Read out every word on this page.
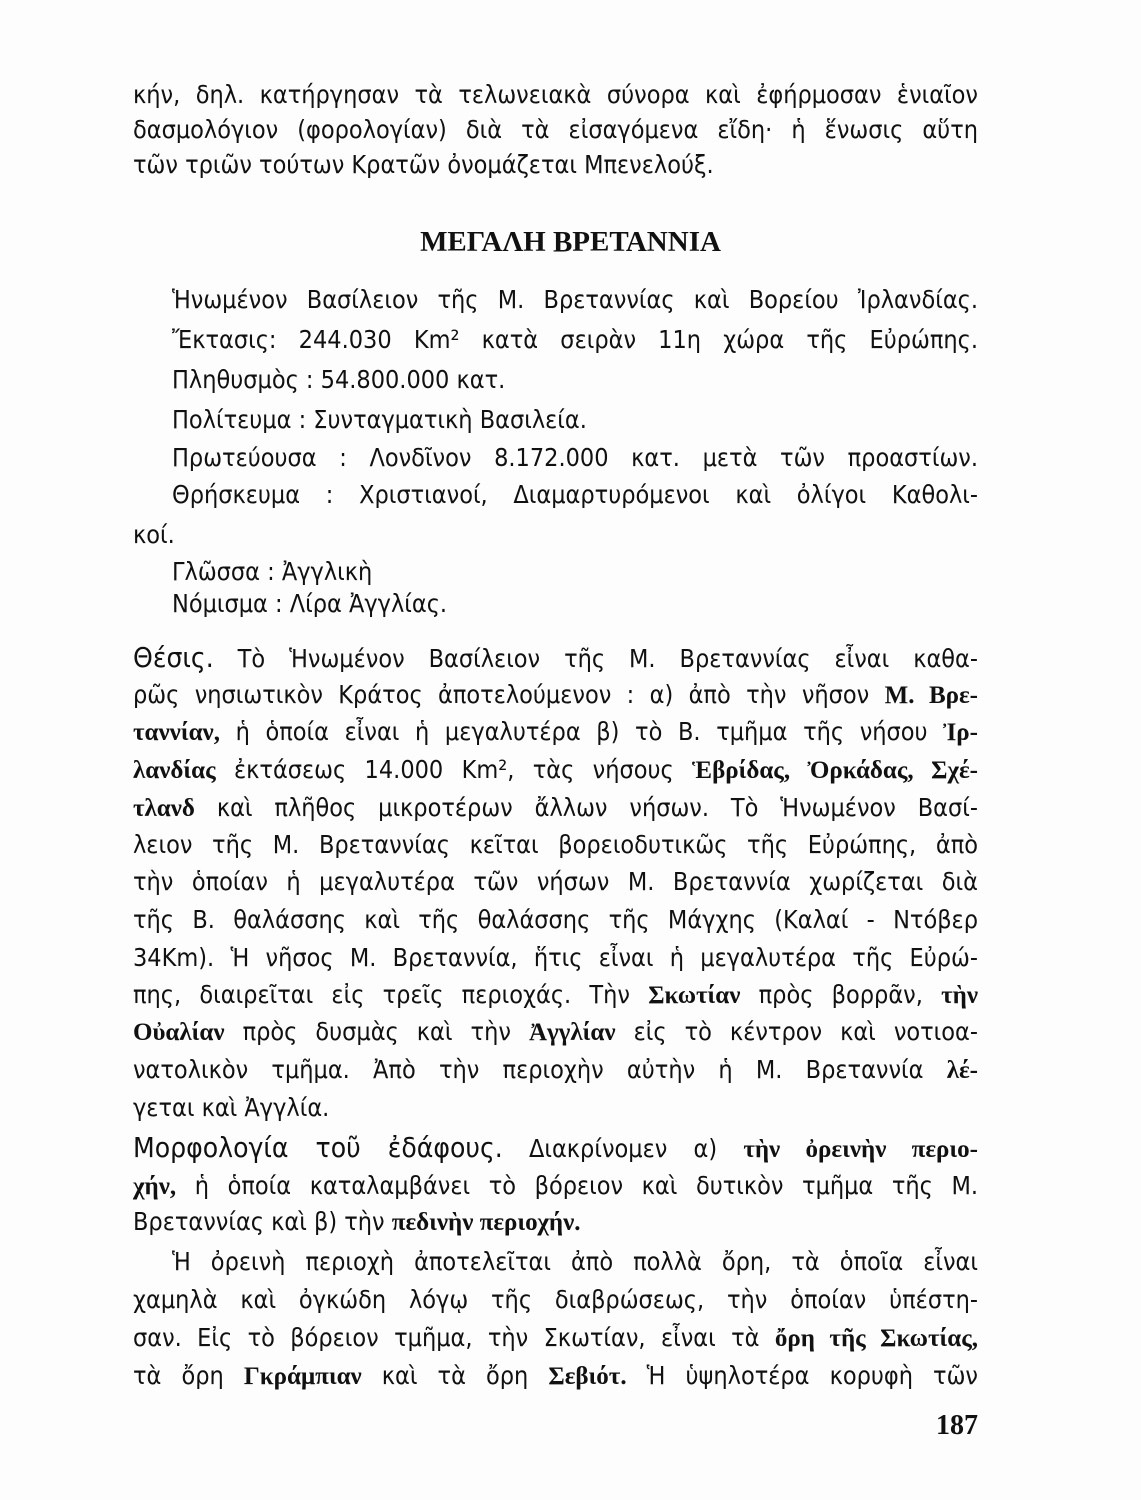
ΜΕΓΑΛΗ ΒΡΕΤΑΝΝΙΑ
κήν, δηλ. κατήργησαν τὰ τελωνειακὰ σύνορα καὶ ἐφήρμοσαν ἑνιαῖον
δασμολόγιον (φορολογίαν) διὰ τὰ εἰσαγόμενα εἴδη· ἡ ἕνωσις αὕτη
τῶν τριῶν τούτων Κρατῶν ὀνομάζεται Μπενελούξ.
Ἡνωμένον Βασίλειον τῆς Μ. Βρεταννίας καὶ Βορείου Ἰρλανδίας.
Ἔκτασις: 244.030 Km² κατὰ σειρὰν 11η χώρα τῆς Εὐρώπης.
Πληθυσμὸς : 54.800.000 κατ.
Πολίτευμα : Συνταγματικὴ Βασιλεία.
Πρωτεύουσα : Λονδῖνον 8.172.000 κατ. μετὰ τῶν προαστίων.
Θρήσκευμα : Χριστιανοί, Διαμαρτυρόμενοι καὶ ὀλίγοι Καθολι-
κοί.
Γλῶσσα : Ἀγγλικὴ
Νόμισμα : Λίρα Ἀγγλίας.
Θέσις. Τὸ Ἡνωμένον Βασίλειον τῆς Μ. Βρεταννίας εἶναι καθα-
ρῶς νησιωτικὸν Κράτος ἀποτελούμενον : α) ἀπὸ τὴν νῆσον Μ. Βρε-
ταννίαν, ἡ ὁποία εἶναι ἡ μεγαλυτέρα β) τὸ Β. τμῆμα τῆς νήσου Ἰρ-
λανδίας ἐκτάσεως 14.000 Km², τὰς νήσους Ἑβρίδας, Ὀρκάδας, Σχέ-
τλανδ καὶ πλῆθος μικροτέρων ἄλλων νήσων. Τὸ Ἡνωμένον Βασί-
λειον τῆς Μ. Βρεταννίας κεῖται βορειοδυτικῶς τῆς Εὐρώπης, ἀπὸ
τὴν ὁποίαν ἡ μεγαλυτέρα τῶν νήσων Μ. Βρεταννία χωρίζεται διὰ
τῆς Β. θαλάσσης καὶ τῆς θαλάσσης τῆς Μάγχης (Καλαί - Ντόβερ
34Km). Ἡ νῆσος Μ. Βρεταννία, ἥτις εἶναι ἡ μεγαλυτέρα τῆς Εὐρώ-
πης, διαιρεῖται εἰς τρεῖς περιοχάς. Τὴν Σκωτίαν πρὸς βορρᾶν, τὴν
Οὐαλίαν πρὸς δυσμὰς καὶ τὴν Ἀγγλίαν εἰς τὸ κέντρον καὶ νοτιοα-
νατολικὸν τμῆμα. Ἀπὸ τὴν περιοχὴν αὐτὴν ἡ Μ. Βρεταννία λέ-
γεται καὶ Ἀγγλία.
Μορφολογία τοῦ ἐδάφους. Διακρίνομεν α) τὴν ὀρεινὴν περιο-
χήν, ἡ ὁποία καταλαμβάνει τὸ βόρειον καὶ δυτικὸν τμῆμα τῆς Μ.
Βρεταννίας καὶ β) τὴν πεδινὴν περιοχήν.
Ἡ ὀρεινὴ περιοχὴ ἀποτελεῖται ἀπὸ πολλὰ ὄρη, τὰ ὁποῖα εἶναι
χαμηλὰ καὶ ὀγκώδη λόγῳ τῆς διαβρώσεως, τὴν ὁποίαν ὑπέστη-
σαν. Εἰς τὸ βόρειον τμῆμα, τὴν Σκωτίαν, εἶναι τὰ ὄρη τῆς Σκωτίας,
τὰ ὄρη Γκράμπιαν καὶ τὰ ὄρη Σεβιότ. Ἡ ὑψηλοτέρα κορυφὴ τῶν
187
